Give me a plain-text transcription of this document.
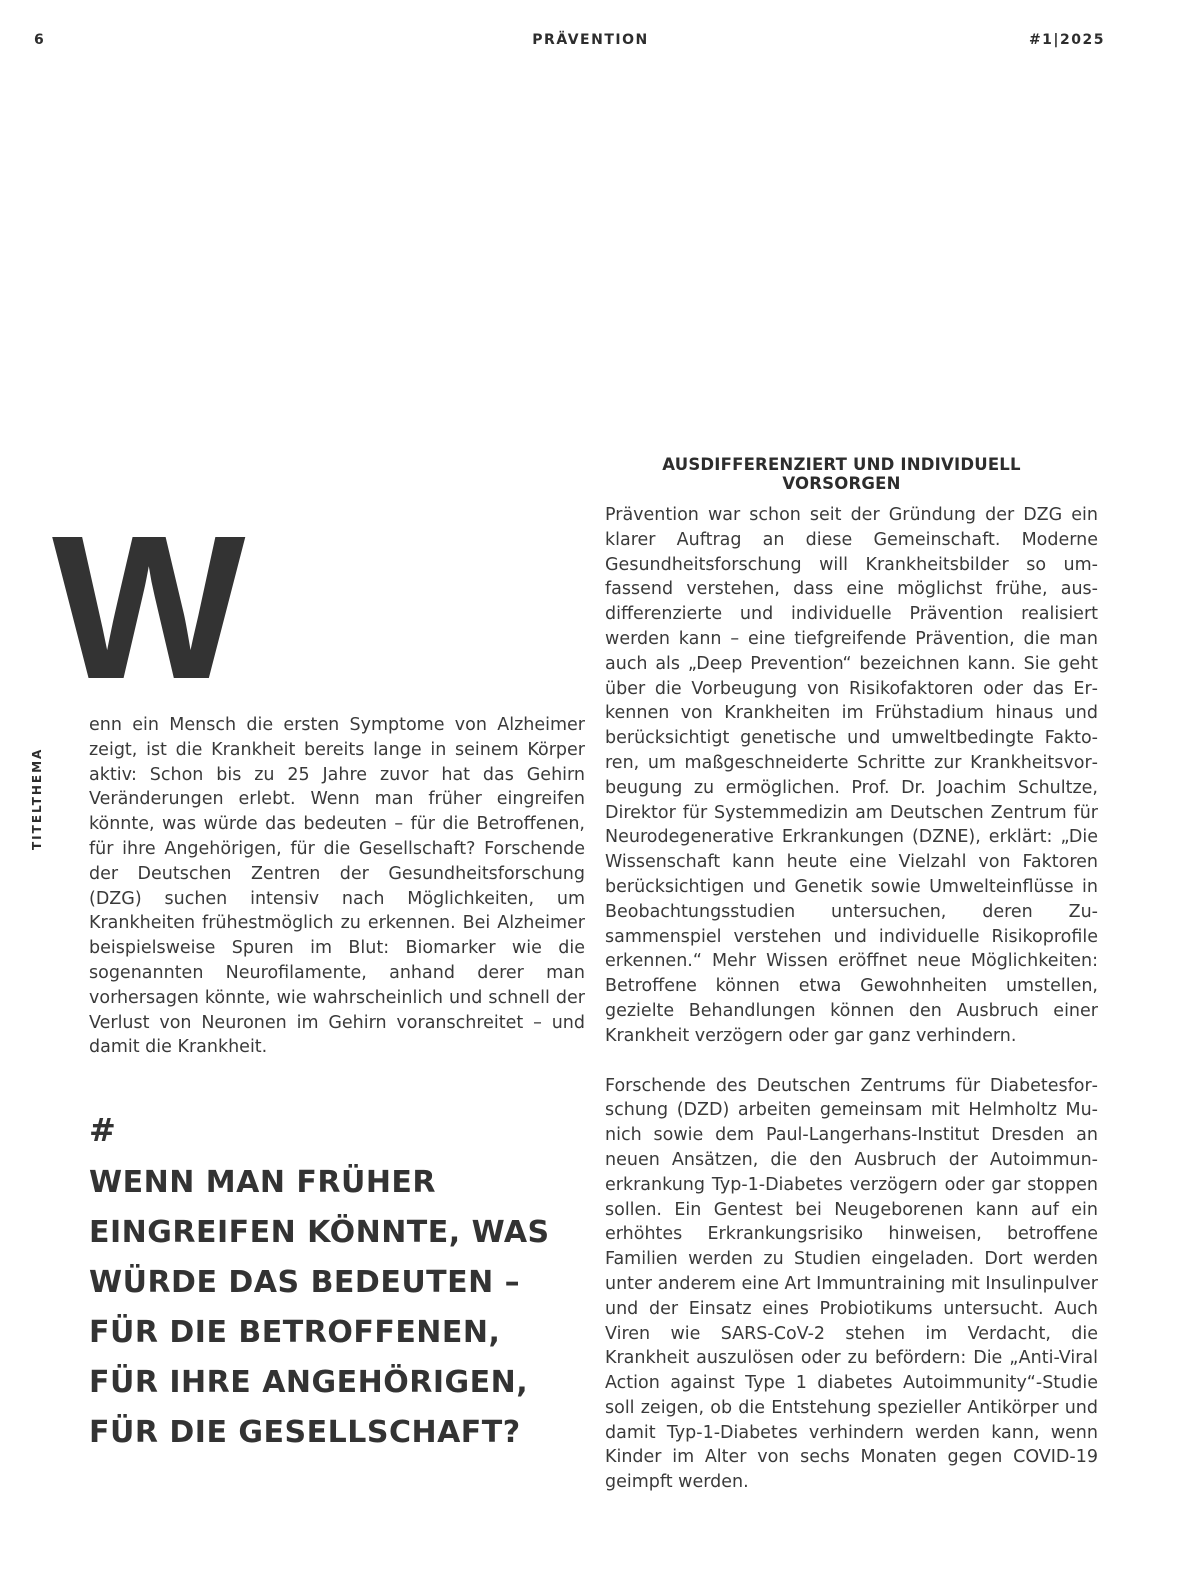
6	PRÄVENTION	#1|2025
TITELTHEMA
W

enn ein Mensch die ersten Symptome von Alzheimer zeigt, ist die Krankheit bereits lange in seinem Körper aktiv: Schon bis zu 25 Jahre zuvor hat das Gehirn Veränderungen erlebt. Wenn man früher eingreifen könnte, was würde das bedeuten – für die Betroffenen, für ihre Angehörigen, für die Gesellschaft? Forschende der Deutschen Zentren der Gesundheitsforschung (DZG) suchen intensiv nach Möglichkeiten, um Krankheiten frühestmöglich zu erkennen. Bei Alzheimer beispielsweise Spuren im Blut: Biomarker wie die sogenannten Neurofilamente, anhand derer man vorhersagen könnte, wie wahrscheinlich und schnell der Verlust von Neuronen im Gehirn voranschreitet – und damit die Krankheit.

#
WENN MAN FRÜHER EINGREIFEN KÖNNTE, WAS WÜRDE DAS BEDEUTEN – FÜR DIE BETROFFENEN, FÜR IHRE ANGEHÖRIGEN, FÜR DIE GESELLSCHAFT?
AUSDIFFERENZIERT UND INDIVIDUELL VORSORGEN

Prävention war schon seit der Gründung der DZG ein klarer Auftrag an diese Gemeinschaft. Moderne Gesundheitsforschung will Krankheitsbilder so umfassend verstehen, dass eine möglichst frühe, ausdifferenzierte und individuelle Prävention realisiert werden kann – eine tiefgreifende Prävention, die man auch als „Deep Prevention“ bezeichnen kann. Sie geht über die Vorbeugung von Risikofaktoren oder das Erkennen von Krankheiten im Frühstadium hinaus und berücksichtigt genetische und umweltbedingte Faktoren, um maßgeschneiderte Schritte zur Krankheitsvorbeugung zu ermöglichen. Prof. Dr. Joachim Schultze, Direktor für Systemmedizin am Deutschen Zentrum für Neurodegenerative Erkrankungen (DZNE), erklärt: „Die Wissenschaft kann heute eine Vielzahl von Faktoren berücksichtigen und Genetik sowie Umwelteinflüsse in Beobachtungsstudien untersuchen, deren Zusammenspiel verstehen und individuelle Risikoprofile erkennen.“ Mehr Wissen eröffnet neue Möglichkeiten: Betroffene können etwa Gewohnheiten umstellen, gezielte Behandlungen können den Ausbruch einer Krankheit verzögern oder gar ganz verhindern.

Forschende des Deutschen Zentrums für Diabetesforschung (DZD) arbeiten gemeinsam mit Helmholtz Munich sowie dem Paul-Langerhans-Institut Dresden an neuen Ansätzen, die den Ausbruch der Autoimmunerkrankung Typ-1-Diabetes verzögern oder gar stoppen sollen. Ein Gentest bei Neugeborenen kann auf ein erhöhtes Erkrankungsrisiko hinweisen, betroffene Familien werden zu Studien eingeladen. Dort werden unter anderem eine Art Immuntraining mit Insulinpulver und der Einsatz eines Probiotikums untersucht. Auch Viren wie SARS-CoV-2 stehen im Verdacht, die Krankheit auszulösen oder zu befördern: Die „Anti-Viral Action against Type 1 diabetes Autoimmunity“-Studie soll zeigen, ob die Entstehung spezieller Antikörper und damit Typ-1-Diabetes verhindern werden kann, wenn Kinder im Alter von sechs Monaten gegen COVID-19 geimpft werden.
